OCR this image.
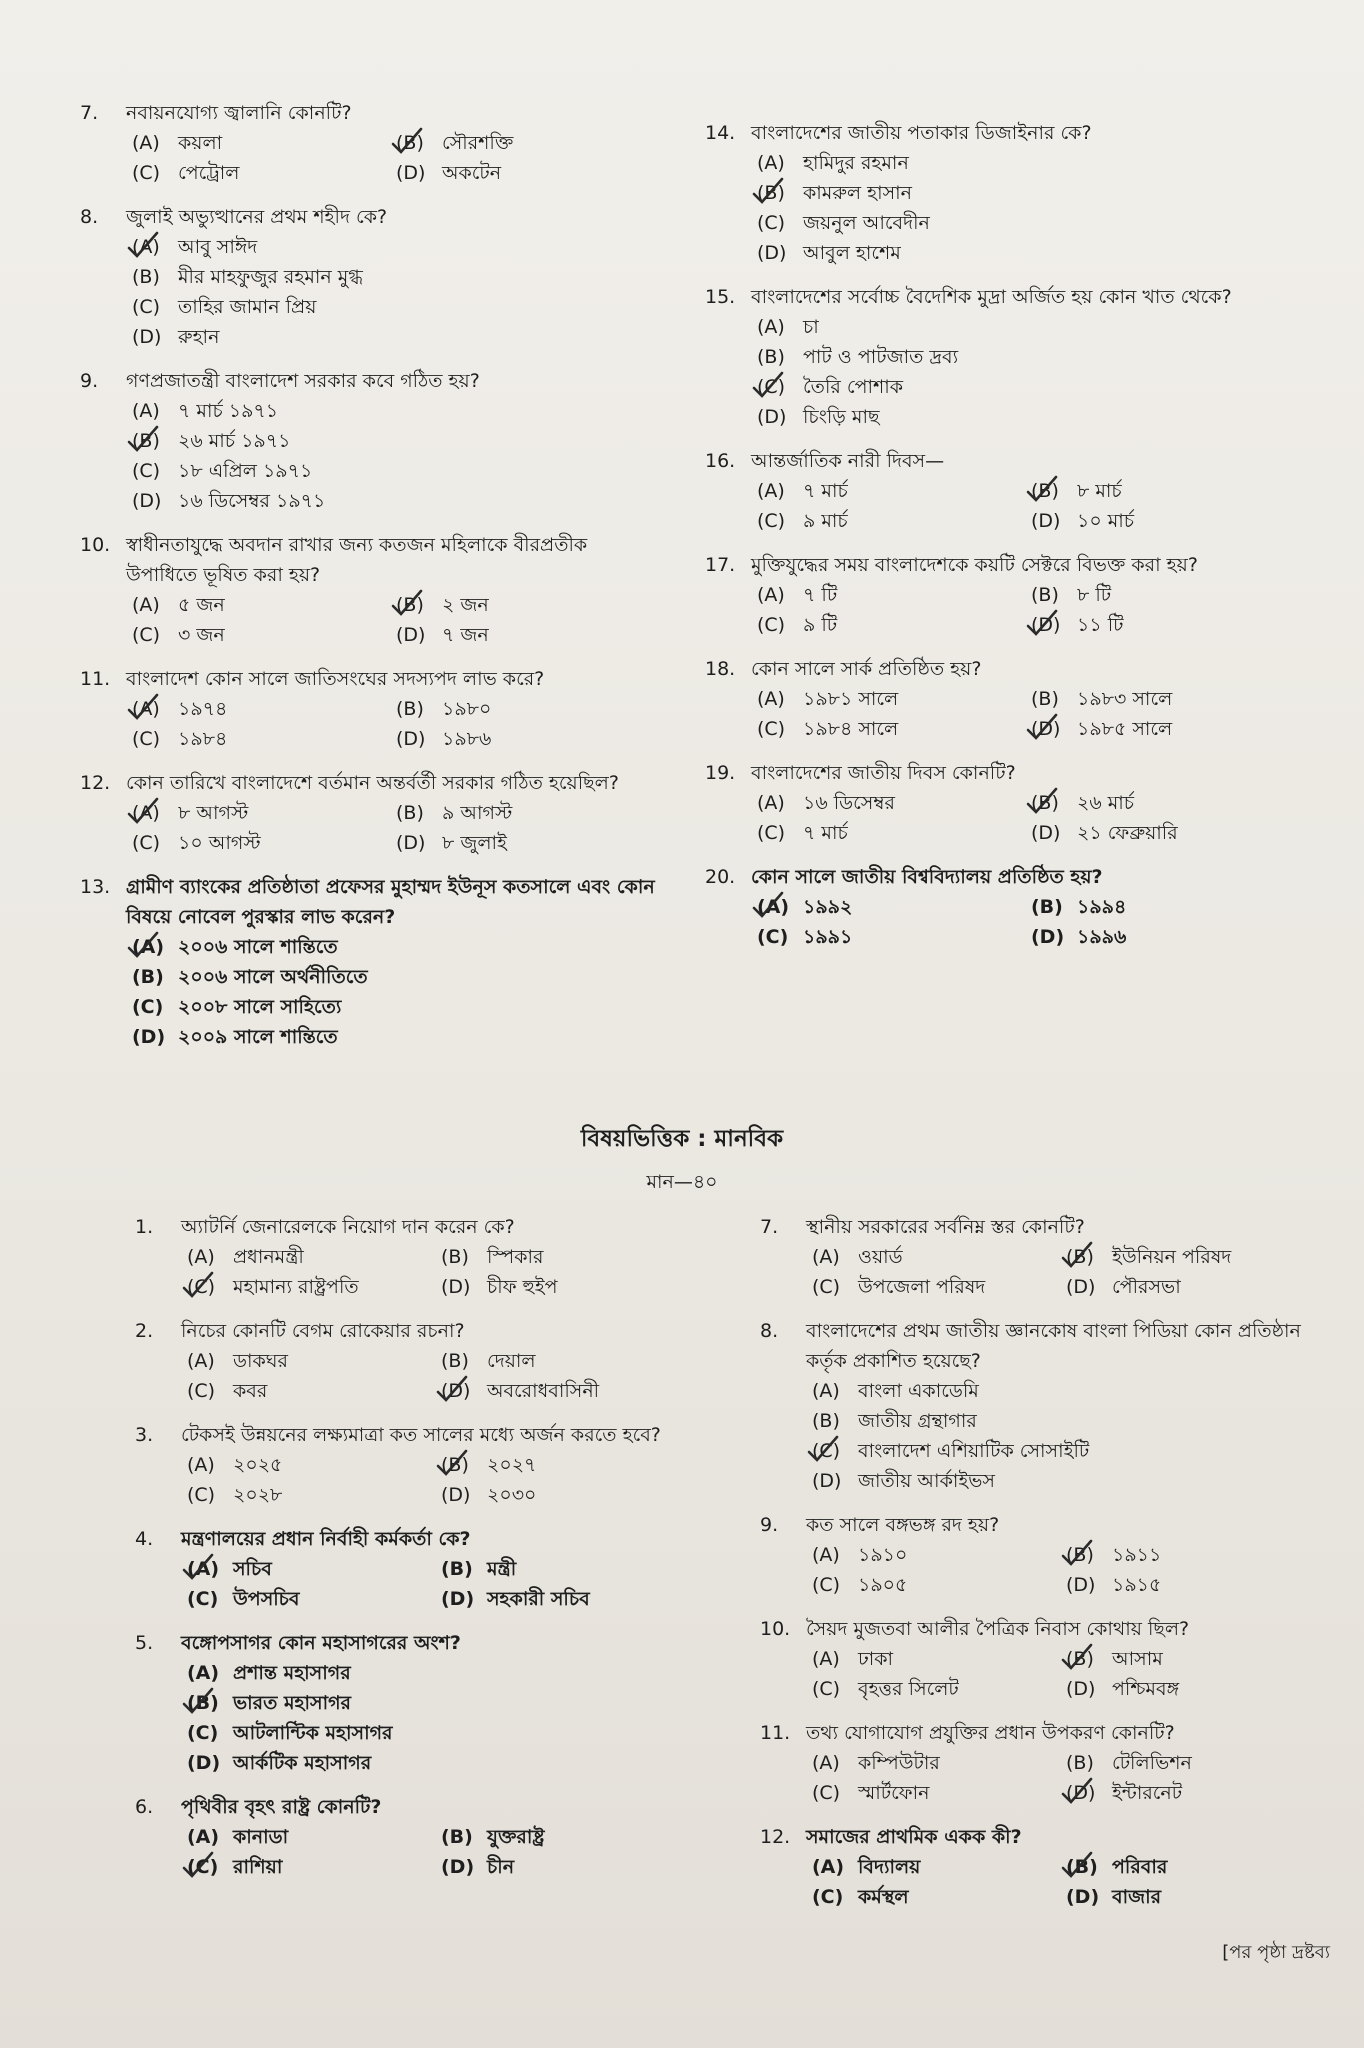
7.	নবায়নযোগ্য জ্বালানি কোনটি?
(A) কয়লা	(B) সৌরশক্তি
(C) পেট্রোল	(D) অকটেন
8.	জুলাই অভ্যুত্থানের প্রথম শহীদ কে?
(A) আবু সাঈদ
(B) মীর মাহফুজুর রহমান মুগ্ধ
(C) তাহির জামান প্রিয়
(D) রুহান
9.	গণপ্রজাতন্ত্রী বাংলাদেশ সরকার কবে গঠিত হয়?
(A) ৭ মার্চ ১৯৭১
(B) ২৬ মার্চ ১৯৭১
(C) ১৮ এপ্রিল ১৯৭১
(D) ১৬ ডিসেম্বর ১৯৭১
10. স্বাধীনতাযুদ্ধে অবদান রাখার জন্য কতজন মহিলাকে বীরপ্রতীক উপাধিতে ভূষিত করা হয়?
(A) ৫ জন	(B) ২ জন
(C) ৩ জন	(D) ৭ জন
11. বাংলাদেশ কোন সালে জাতিসংঘের সদস্যপদ লাভ করে?
(A) ১৯৭৪	(B) ১৯৮০
(C) ১৯৮৪	(D) ১৯৮৬
12. কোন তারিখে বাংলাদেশে বর্তমান অন্তর্বর্তী সরকার গঠিত হয়েছিল?
(A) ৮ আগস্ট	(B) ৯ আগস্ট
(C) ১০ আগস্ট	(D) ৮ জুলাই
13. গ্রামীণ ব্যাংকের প্রতিষ্ঠাতা প্রফেসর মুহাম্মদ ইউনূস কতসালে এবং কোন বিষয়ে নোবেল পুরস্কার লাভ করেন?
(A) ২০০৬ সালে শান্তিতে
(B) ২০০৬ সালে অর্থনীতিতে
(C) ২০০৮ সালে সাহিত্যে
(D) ২০০৯ সালে শান্তিতে
14. বাংলাদেশের জাতীয় পতাকার ডিজাইনার কে?
(A) হামিদুর রহমান
(B) কামরুল হাসান
(C) জয়নুল আবেদীন
(D) আবুল হাশেম
15. বাংলাদেশের সর্বোচ্চ বৈদেশিক মুদ্রা অর্জিত হয় কোন খাত থেকে?
(A) চা
(B) পাট ও পাটজাত দ্রব্য
(C) তৈরি পোশাক
(D) চিংড়ি মাছ
16. আন্তর্জাতিক নারী দিবস—
(A) ৭ মার্চ	(B) ৮ মার্চ
(C) ৯ মার্চ	(D) ১০ মার্চ
17. মুক্তিযুদ্ধের সময় বাংলাদেশকে কয়টি সেক্টরে বিভক্ত করা হয়?
(A) ৭ টি	(B) ৮ টি
(C) ৯ টি	(D) ১১ টি
18. কোন সালে সার্ক প্রতিষ্ঠিত হয়?
(A) ১৯৮১ সালে	(B) ১৯৮৩ সালে
(C) ১৯৮৪ সালে	(D) ১৯৮৫ সালে
19. বাংলাদেশের জাতীয় দিবস কোনটি?
(A) ১৬ ডিসেম্বর	(B) ২৬ মার্চ
(C) ৭ মার্চ	(D) ২১ ফেব্রুয়ারি
20. কোন সালে জাতীয় বিশ্ববিদ্যালয় প্রতিষ্ঠিত হয়?
(A) ১৯৯২	(B) ১৯৯৪
(C) ১৯৯১	(D) ১৯৯৬
বিষয়ভিত্তিক : মানবিক
মান—৪০
1.	অ্যাটর্নি জেনারেলকে নিয়োগ দান করেন কে?
(A) প্রধানমন্ত্রী	(B) স্পিকার
(C) মহামান্য রাষ্ট্রপতি	(D) চীফ হুইপ
2.	নিচের কোনটি বেগম রোকেয়ার রচনা?
(A) ডাকঘর	(B) দেয়াল
(C) কবর	(D) অবরোধবাসিনী
3.	টেকসই উন্নয়নের লক্ষ্যমাত্রা কত সালের মধ্যে অর্জন করতে হবে?
(A) ২০২৫	(B) ২০২৭
(C) ২০২৮	(D) ২০৩০
4.	মন্ত্রণালয়ের প্রধান নির্বাহী কর্মকর্তা কে?
(A) সচিব	(B) মন্ত্রী
(C) উপসচিব	(D) সহকারী সচিব
5.	বঙ্গোপসাগর কোন মহাসাগরের অংশ?
(A) প্রশান্ত মহাসাগর
(B) ভারত মহাসাগর
(C) আটলান্টিক মহাসাগর
(D) আর্কটিক মহাসাগর
6.	পৃথিবীর বৃহৎ রাষ্ট্র কোনটি?
(A) কানাডা	(B) যুক্তরাষ্ট্র
(C) রাশিয়া	(D) চীন
7.	স্থানীয় সরকারের সর্বনিম্ন স্তর কোনটি?
(A) ওয়ার্ড	(B) ইউনিয়ন পরিষদ
(C) উপজেলা পরিষদ	(D) পৌরসভা
8.	বাংলাদেশের প্রথম জাতীয় জ্ঞানকোষ বাংলা পিডিয়া কোন প্রতিষ্ঠান কর্তৃক প্রকাশিত হয়েছে?
(A) বাংলা একাডেমি
(B) জাতীয় গ্রন্থাগার
(C) বাংলাদেশ এশিয়াটিক সোসাইটি
(D) জাতীয় আর্কাইভস
9.	কত সালে বঙ্গভঙ্গ রদ হয়?
(A) ১৯১০	(B) ১৯১১
(C) ১৯০৫	(D) ১৯১৫
10. সৈয়দ মুজতবা আলীর পৈত্রিক নিবাস কোথায় ছিল?
(A) ঢাকা	(B) আসাম
(C) বৃহত্তর সিলেট	(D) পশ্চিমবঙ্গ
11. তথ্য যোগাযোগ প্রযুক্তির প্রধান উপকরণ কোনটি?
(A) কম্পিউটার	(B) টেলিভিশন
(C) স্মার্টফোন	(D) ইন্টারনেট
12. সমাজের প্রাথমিক একক কী?
(A) বিদ্যালয়	(B) পরিবার
(C) কর্মস্থল	(D) বাজার
[পর পৃষ্ঠা দ্রষ্টব্য
